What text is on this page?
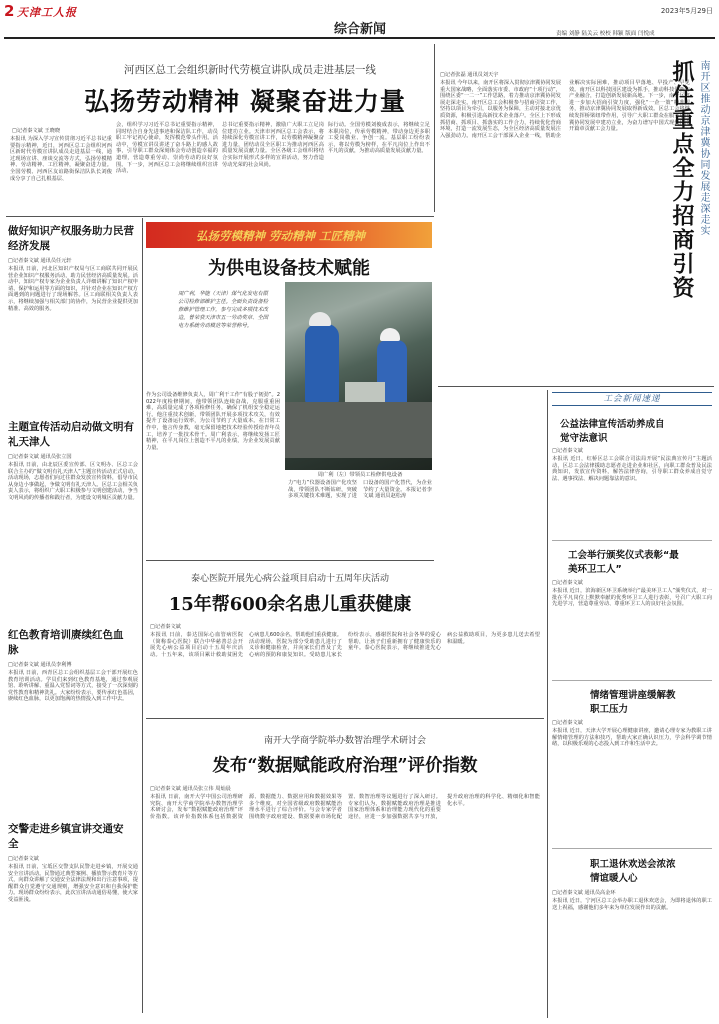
2 天津工人报	2023年5月29日
综合新闻	责编 刘静 陆关云 校校 韩颖 版面 闫悦成
河西区总工会组织新时代劳模宣讲队成员走进基层一线
弘扬劳动精神 凝聚奋进力量
□记者秦文斌 王晓晓
本报讯 为深入学习宣传贯彻习近平总书记重要指示精神，近日，河西区总工会组织河西区新时代劳模宣讲队成员走进基层一线，通过现场宣讲、座谈交流等方式，弘扬劳模精神、劳动精神、工匠精神，凝聚奋进力量。全国劳模、河西区友谊路街保洁队队长刘俊成分享了自己扎根基层、
会，组织学习习近平总书记重要指示精神，同时结合自身先进事迹和保洁队工作，动员职工牢记初心使命，发挥模范带头作用。活动中，劳模宣讲员讲述了奋斗路上的感人故事，引导职工群众深刻体会劳动创造幸福的道理，营造尊重劳动、崇尚劳动的良好氛围。下一步，河西区总工会将继续组织宣讲活动，
总书记重要指示精神，激励广大职工立足岗位建功立业。天津市河西区总工会表示，将持续深化劳模宣讲工作，以劳模精神凝聚奋进力量，团结动员全区职工为推动河西区高质量发展贡献力量。全区各级工会组织将结合实际开展形式多样的宣讲活动，努力营造劳动光荣的社会风尚。
际行动。全国劳模刘俊成表示，将继续立足本职岗位，传承劳模精神，带动身边更多职工爱岗敬业、争创一流。基层职工纷纷表示，将以劳模为榜样，在平凡岗位上作出不平凡的贡献，为推动高质量发展贡献力量。
□记者张磊 通讯员刘天宇
本报讯 今年以来，南开区将深入贯彻京津冀协同发展重大国家战略，全面落实市委、市政府“十项行动”，围绕区委“一二一”工作思路，着力推动京津冀协同发展走深走实。南开区总工会积极参与招商引资工作，坚持以项目为牵引，以服务为保障，主动对接北京优质资源，积极引进高新技术企业落户。全区上下形成抓招商、抓项目、抓落实的工作合力，持续优化营商环境，打造一流发展生态，为全区经济高质量发展注入强劲动力。南开区工会干部深入企业一线，帮助企业解决实际困难，推动项目早落地、早投产、早见效。南开区以科技园区建设为抓手，推动科技创新与产业融合，打造创新发展新高地。下一步，南开区将进一步加大招商引资力度，强化“一企一策”精准服务，推动京津冀协同发展取得新成效。区总工会将继续发挥桥梁纽带作用，引导广大职工群众在服务京津冀协同发展中建功立业，为奋力谱写中国式现代化南开篇章贡献工会力量。	南开区推动京津冀协同发展走深走实
抓住重点全力招商引资
做好知识产权服务助力民营经济发展
□记者秦文斌 通讯员任元轩
本报讯 日前，河北区知识产权局与区工商联共同开展民营企业知识产权服务活动，助力民营经济高质量发展。活动中，知识产权专家为企业负责人详细讲解了知识产权申请、保护和运用等方面的知识，并针对企业在知识产权方面遇到的问题进行了现场解答。区工商联相关负责人表示，将继续加强与相关部门的协作，为民营企业提供更加精准、高效的服务。
主题宣传活动启动做文明有礼天津人
□记者秦文斌 通讯员张立国
本报讯 日前，由北辰区委宣传部、区文明办、区总工会联合主办的“做文明有礼天津人”主题宣传活动正式启动。活动现场，志愿者们向过往群众发放宣传资料，倡导市民从身边小事做起，争做文明有礼天津人。区总工会相关负责人表示，将组织广大职工积极参与文明创建活动，争当文明风尚的传播者和践行者，为建设文明城区贡献力量。
红色教育培训赓续红色血脉
□记者秦文斌 通讯员李利博
本报讯 日前，西青区总工会组织基层工会干部开展红色教育培训活动。学员们来到红色教育基地，通过参观展馆、聆听讲解、重温入党誓词等方式，接受了一次深刻的党性教育和精神洗礼。大家纷纷表示，要传承红色基因，赓续红色血脉，以更加饱满的热情投入到工作中去。
交警走进乡镇宣讲交通安全
□记者秦文斌
本报讯 日前，宝坻区交警支队民警走进乡镇，开展交通安全宣讲活动。民警通过典型案例、播放警示教育片等方式，向群众讲解了交通安全法律法规和出行注意事项，提醒群众自觉遵守交通规则，增强安全意识和自我保护能力。现场群众纷纷表示，此次宣讲活动通俗易懂，使大家受益匪浅。
弘扬劳模精神 劳动精神 工匠精神
为供电设备技术赋能
周广利，华能（天津）煤气化发电有限公司检修部维护主任。全面负责设备检修维护管理工作，参与完成多项技术改造。曾荣获天津市五一劳动奖章、全国电力系统劳动模范等荣誉称号。
周广利（左）带领员工检修供电设备
作为公司设备维修负责人，周广利干工作“有股子韧劲”。2022年度检修期间，他带领团队连续奋战，克服重重困难，高质量完成了各项检修任务，确保了机组安全稳定运行。他注重技术创新，带领团队开展多项技术攻关，有效提升了设备运行效率，为公司节约了大量成本。在日常工作中，他言传身教，毫无保留地把技术经验传授给青年员工，培养了一批技术骨干。周广利表示，将继续发扬工匠精神，在平凡岗位上创造不平凡的业绩，为企业发展贡献力量。
力“电力”仪器设备国产化攻坚战，带领团队不断钻研，突破多项关键技术难题，实现了进口设备的国产化替代，为企业节约了大量资金。本报记者李文斌 通讯员赵松涛
泰心医院开展先心病公益项目启动十五周年庆活动
15年帮600余名患儿重获健康
□记者秦文斌
本报讯 日前，泰达国际心血管病医院（简称泰心医院）联合中华慈善总会开展先心病公益项目启动十五周年庆活动。十五年来，该项目累计救助贫困先心病患儿600余名，帮助他们重获健康。活动现场，医院为部分受助患儿进行了义诊和健康检查，并向家长们普及了先心病的预防和康复知识。受助患儿家长纷纷表示，感谢医院和社会各界的爱心帮助，让孩子们重新拥有了健康快乐的童年。泰心医院表示，将继续推进先心病公益救助项目，为更多患儿送去希望和温暖。
南开大学商学院举办数智治理学术研讨会
发布“数据赋能政府治理”评价指数
□记者秦文斌 通讯员张立伟 周灿晨
本报讯 日前，南开大学中国公司治理研究院、南开大学商学院举办数智治理学术研讨会，发布“数据赋能政府治理”评价指数。该评价指数体系包括数据资源、数据能力、数据应用和数据效果等多个维度，对全国省级政府数据赋能治理水平进行了综合评价。与会专家学者围绕数字政府建设、数据要素市场化配置、数智治理等议题进行了深入研讨。专家们认为，数据赋能政府治理是推进国家治理体系和治理能力现代化的重要途径，应进一步加强数据共享与开放，提升政府治理的科学化、精细化和智能化水平。
工会新闻速递
公益法律宣传活动养成自觉守法意识
□记者秦文斌
本报讯 近日，红桥区总工会联合司法局开展“民法典宣传月”主题活动，区总工会法律援助志愿者走进企业和社区，向职工群众普及民法典知识，发放宣传资料，解答法律咨询，引导职工群众养成自觉守法、遇事找法、解决问题靠法的意识。
工会举行颁奖仪式表彰“最美环卫工人”
□记者秦文斌
本报讯 近日，滨海新区环卫系统举行“最美环卫工人”颁奖仪式，对一批在平凡岗位上默默奉献的优秀环卫工人进行表彰，号召广大职工向先进学习，营造尊重劳动、尊重环卫工人的良好社会氛围。
情绪管理讲座缓解教职工压力
□记者秦文斌
本报讯 近日，天津大学开展心理健康讲座，邀请心理专家为教职工讲解情绪管理的方法和技巧，帮助大家正确认识压力，学会科学调节情绪，以积极乐观的心态投入到工作和生活中去。
职工退休欢送会浓浓情谊暖人心
□记者秦文斌 通讯员高金环
本报讯 近日，宁河区总工会举办职工退休欢送会，为即将退休的职工送上祝福，感谢他们多年来为单位发展作出的贡献。
